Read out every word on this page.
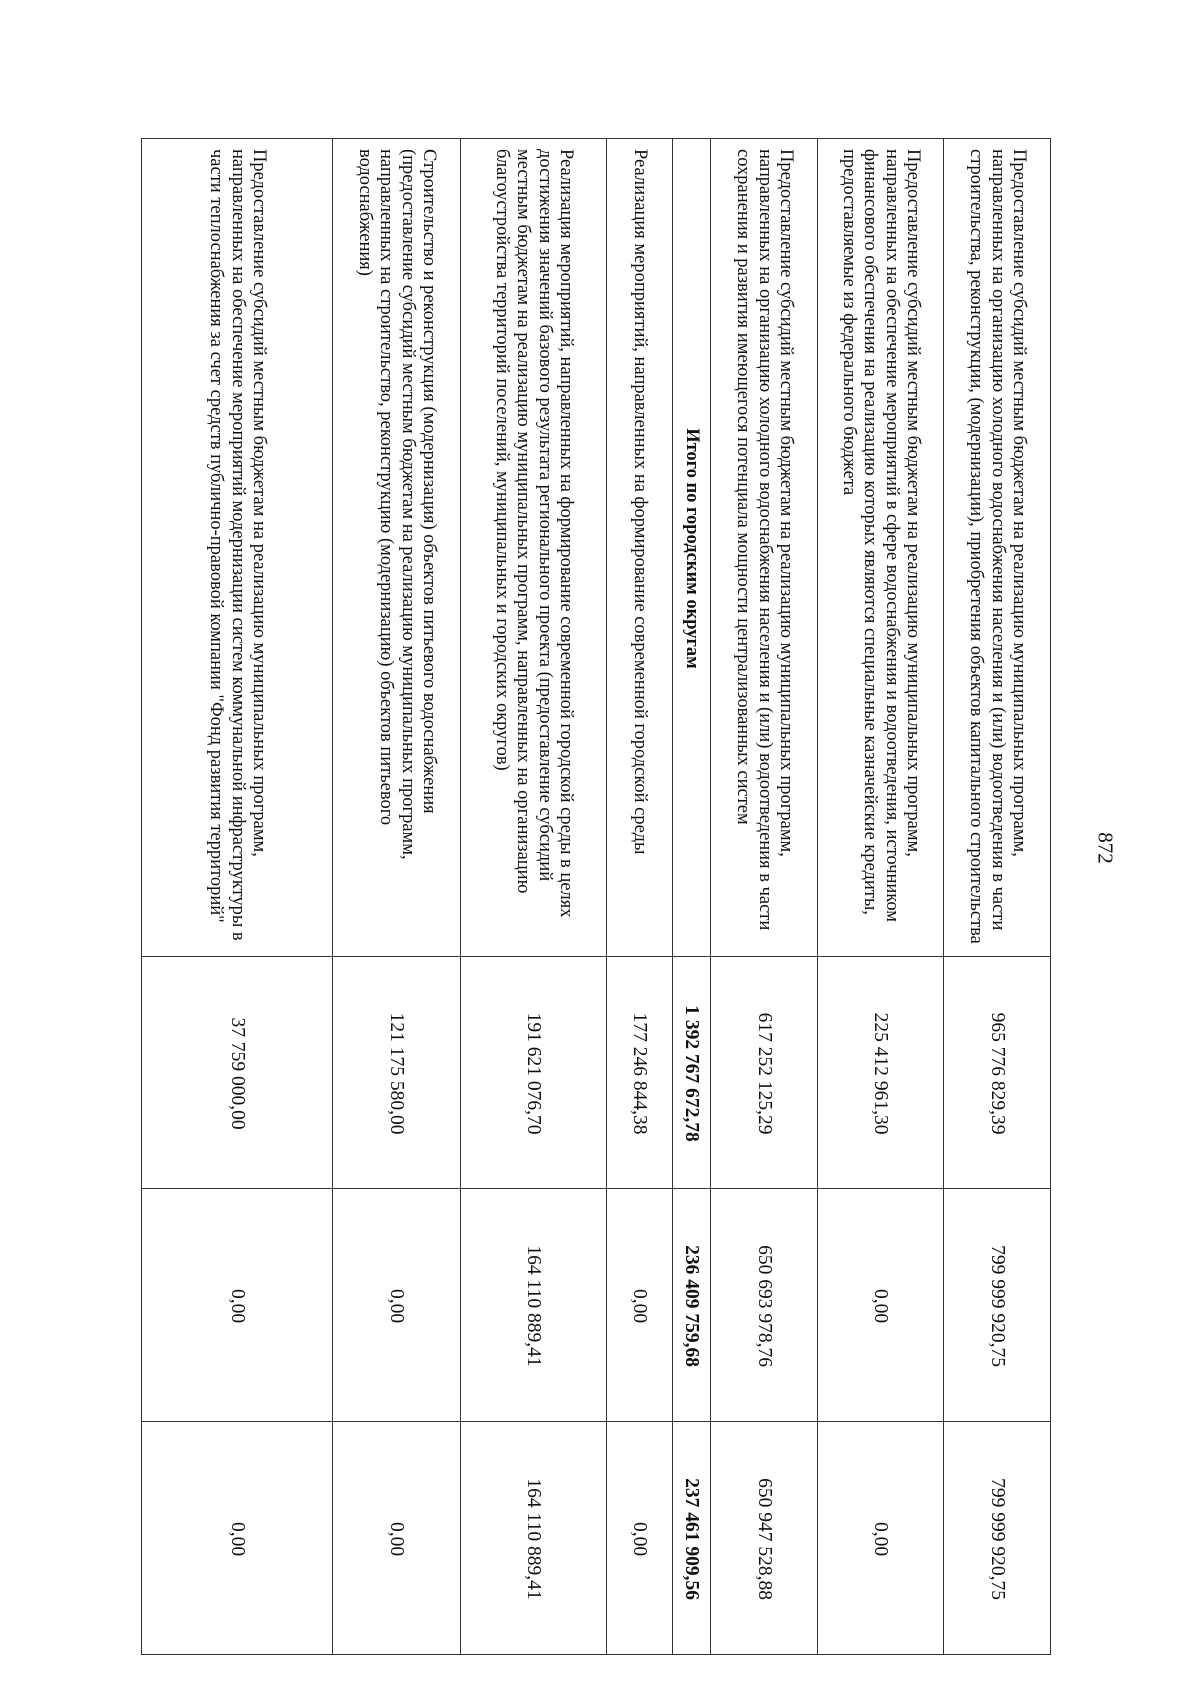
872
Предоставление субсидий местным бюджетам на реализацию муниципальных программ, направленных на организацию холодного водоснабжения населения и (или) водоотведения в части строительства, реконструкции, (модернизации), приобретения объектов капитального строительства	965 776 829,39	799 999 920,75	799 999 920,75
Предоставление субсидий местным бюджетам на реализацию муниципальных программ, направленных на обеспечение мероприятий в сфере водоснабжения и водоотведения, источником финансового обеспечения на реализацию которых являются специальные казначейские кредиты, предоставляемые из федерального бюджета	225 412 961,30	0,00	0,00
Предоставление субсидий местным бюджетам на реализацию муниципальных программ, направленных на организацию холодного водоснабжения населения и (или) водоотведения в части сохранения и развития имеющегося потенциала мощности централизованных систем	617 252 125,29	650 693 978,76	650 947 528,88
Итого по городским округам	1 392 767 672,78	236 409 759,68	237 461 909,56
Реализация мероприятий, направленных на формирование современной городской среды	177 246 844,38	0,00	0,00
Реализация мероприятий, направленных на формирование современной городской среды в целях достижения значений базового результата регионального проекта (предоставление субсидий местным бюджетам на реализацию муниципальных программ, направленных на организацию благоустройства территорий поселений, муниципальных и городских округов)	191 621 076,70	164 110 889,41	164 110 889,41
Строительство и реконструкция (модернизация) объектов питьевого водоснабжения (предоставление субсидий местным бюджетам на реализацию муниципальных программ, направленных на строительство, реконструкцию (модернизацию) объектов питьевого водоснабжения)	121 175 580,00	0,00	0,00
Предоставление субсидий местным бюджетам на реализацию муниципальных программ, направленных на обеспечение мероприятий модернизации систем коммунальной инфраструктуры в части теплоснабжения за счет средств публично-правовой компании "Фонд развития территорий"	37 759 000,00	0,00	0,00
